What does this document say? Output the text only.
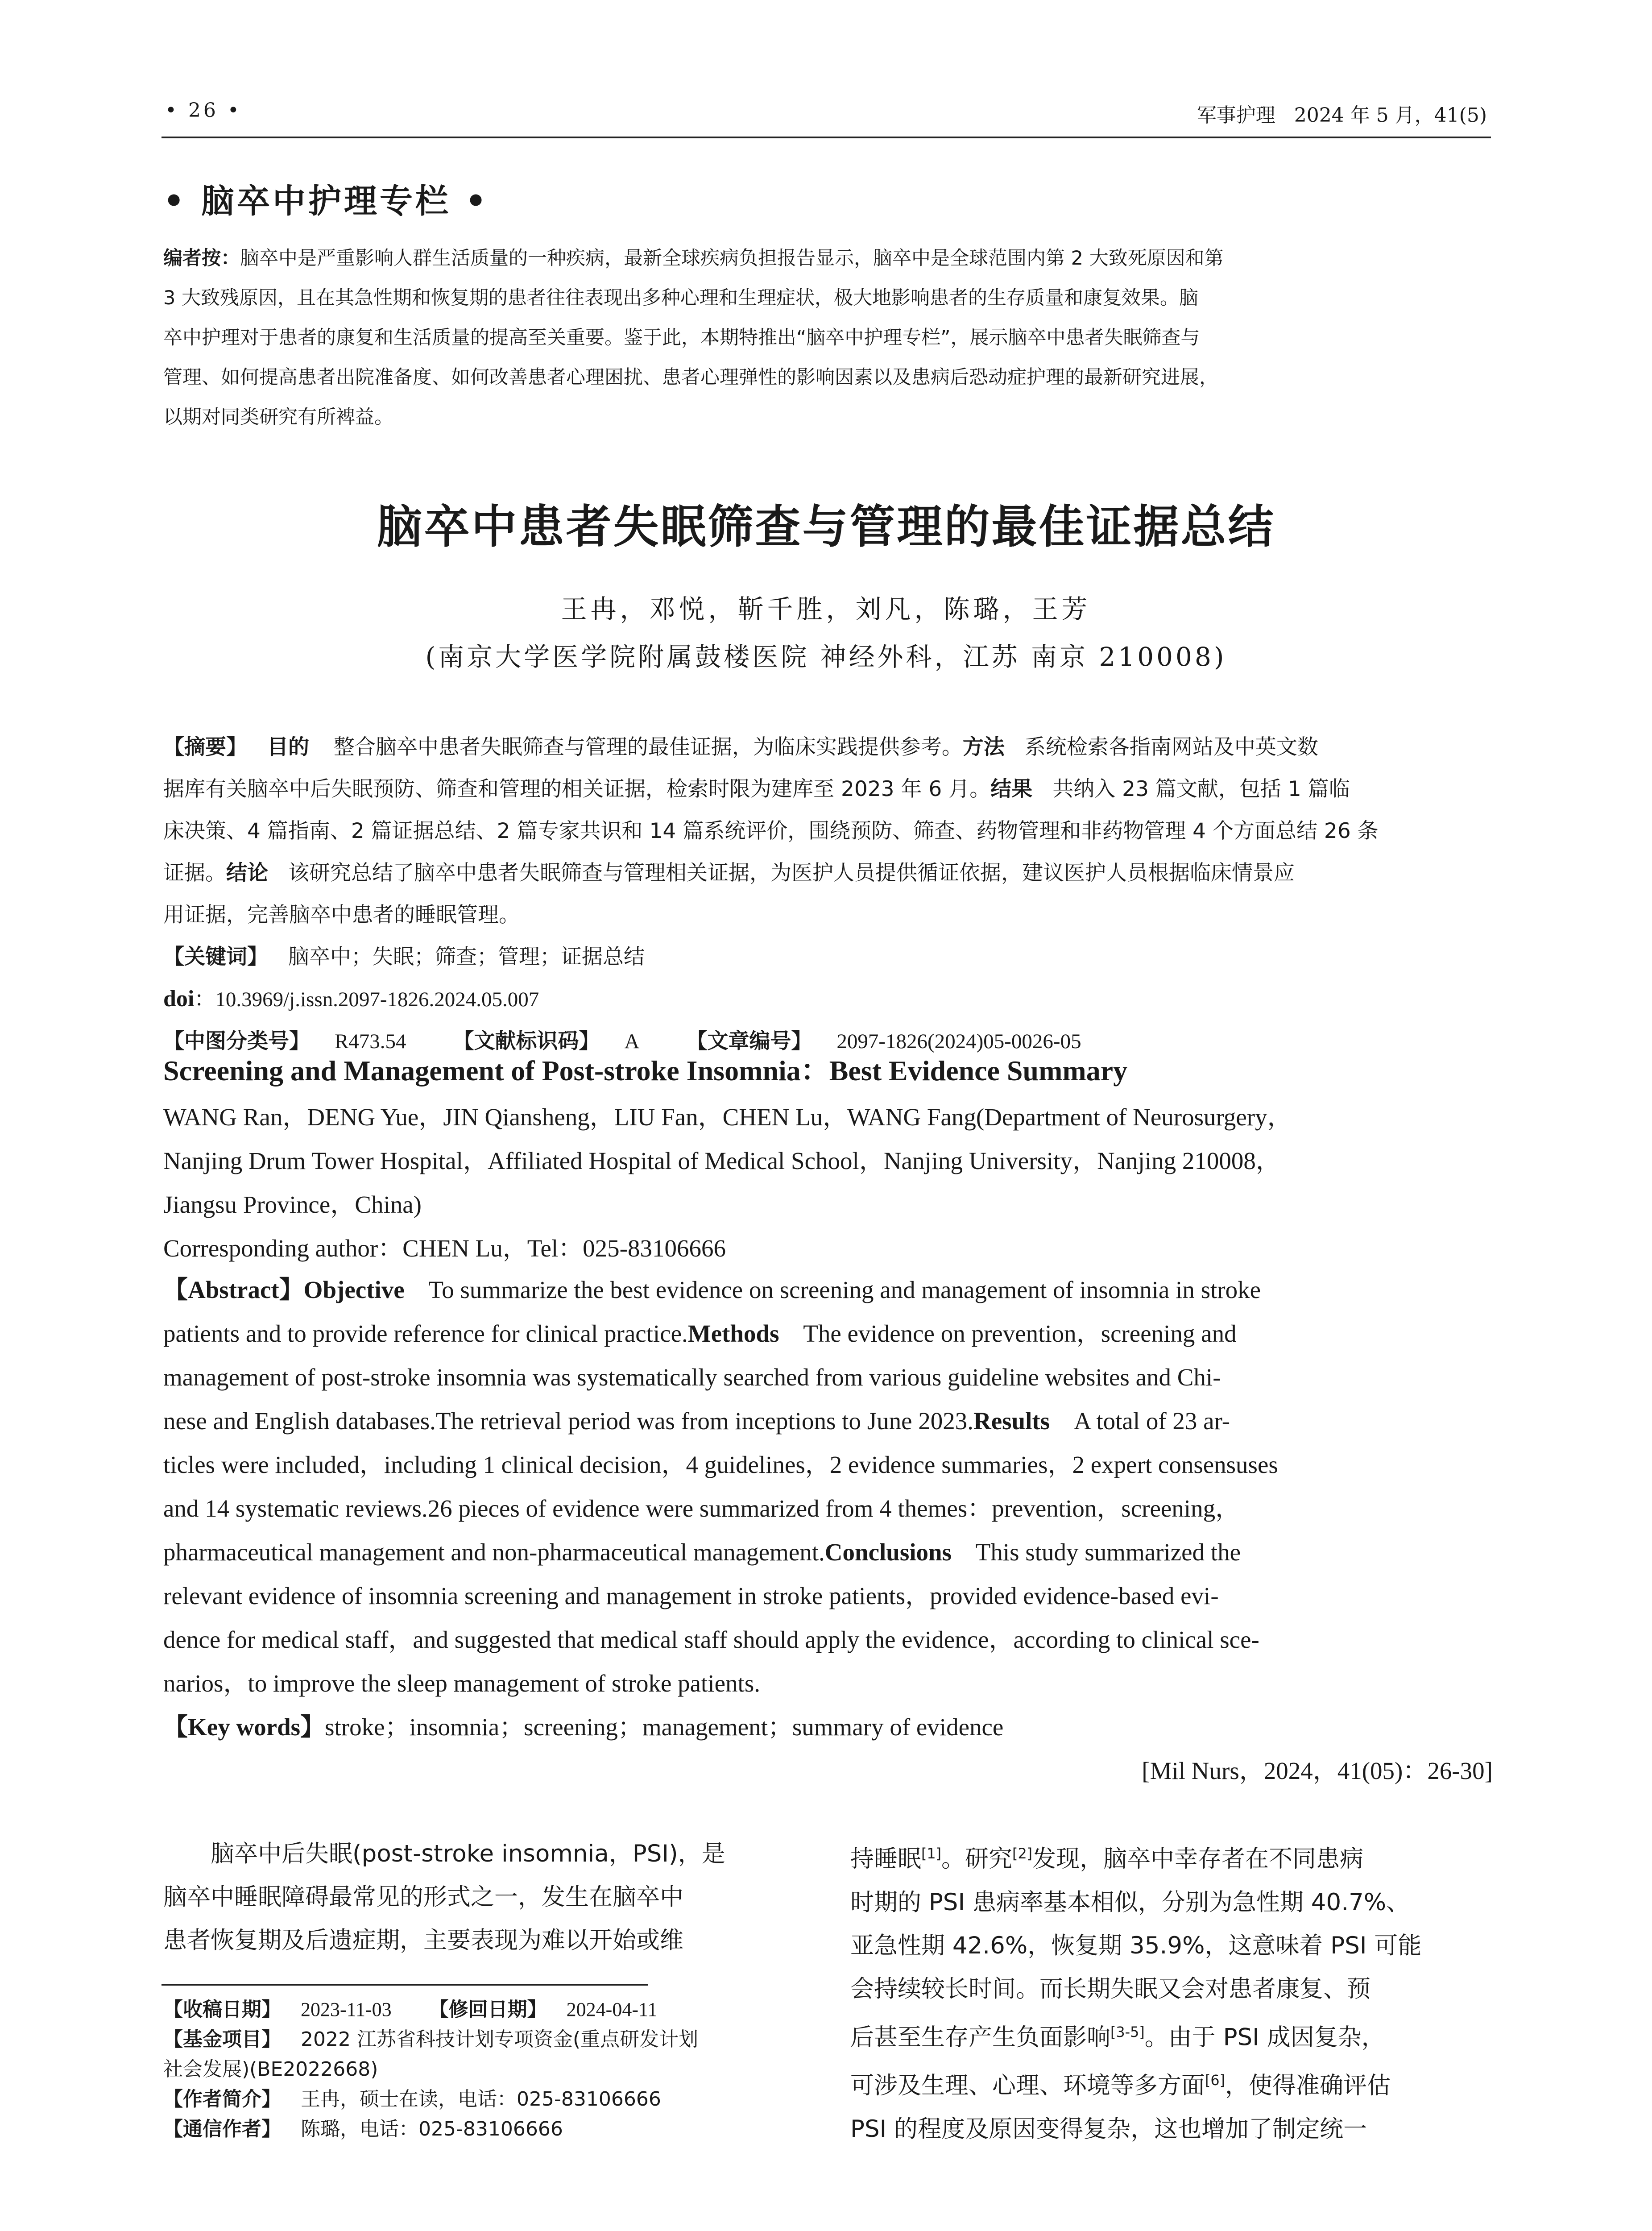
• 26 •	军事护理   2024 年 5 月，41(5)
• 脑卒中护理专栏 •
编者按：脑卒中是严重影响人群生活质量的一种疾病，最新全球疾病负担报告显示，脑卒中是全球范围内第 2 大致死原因和第
3 大致残原因，且在其急性期和恢复期的患者往往表现出多种心理和生理症状，极大地影响患者的生存质量和康复效果。脑
卒中护理对于患者的康复和生活质量的提高至关重要。鉴于此，本期特推出“脑卒中护理专栏”，展示脑卒中患者失眠筛查与
管理、如何提高患者出院准备度、如何改善患者心理困扰、患者心理弹性的影响因素以及患病后恐动症护理的最新研究进展，
以期对同类研究有所裨益。
脑卒中患者失眠筛查与管理的最佳证据总结
王冉，邓悦，靳千胜，刘凡，陈璐，王芳
(南京大学医学院附属鼓楼医院 神经外科，江苏 南京 210008)
【摘要】 目的 整合脑卒中患者失眠筛查与管理的最佳证据，为临床实践提供参考。方法 系统检索各指南网站及中英文数
据库有关脑卒中后失眠预防、筛查和管理的相关证据，检索时限为建库至 2023 年 6 月。结果 共纳入 23 篇文献，包括 1 篇临
床决策、4 篇指南、2 篇证据总结、2 篇专家共识和 14 篇系统评价，围绕预防、筛查、药物管理和非药物管理 4 个方面总结 26 条
证据。结论 该研究总结了脑卒中患者失眠筛查与管理相关证据，为医护人员提供循证依据，建议医护人员根据临床情景应
用证据，完善脑卒中患者的睡眠管理。
【关键词】 脑卒中；失眠；筛查；管理；证据总结
doi：10.3969/j.issn.2097-1826.2024.05.007
【中图分类号】 R473.54 【文献标识码】 A 【文章编号】 2097-1826(2024)05-0026-05
Screening and Management of Post-stroke Insomnia：Best Evidence Summary
WANG Ran，DENG Yue，JIN Qiansheng，LIU Fan，CHEN Lu，WANG Fang(Department of Neurosurgery，
Nanjing Drum Tower Hospital，Affiliated Hospital of Medical School，Nanjing University，Nanjing 210008，
Jiangsu Province，China)
Corresponding author：CHEN Lu，Tel：025-83106666
【Abstract】Objective To summarize the best evidence on screening and management of insomnia in stroke
patients and to provide reference for clinical practice.Methods The evidence on prevention，screening and
management of post-stroke insomnia was systematically searched from various guideline websites and Chi-
nese and English databases.The retrieval period was from inceptions to June 2023.Results A total of 23 ar-
ticles were included，including 1 clinical decision，4 guidelines，2 evidence summaries，2 expert consensuses
and 14 systematic reviews.26 pieces of evidence were summarized from 4 themes：prevention，screening，
pharmaceutical management and non-pharmaceutical management.Conclusions This study summarized the
relevant evidence of insomnia screening and management in stroke patients，provided evidence-based evi-
dence for medical staff，and suggested that medical staff should apply the evidence，according to clinical sce-
narios，to improve the sleep management of stroke patients.
【Key words】stroke；insomnia；screening；management；summary of evidence
[Mil Nurs，2024，41(05)：26-30]
脑卒中后失眠(post-stroke insomnia，PSI)，是
脑卒中睡眠障碍最常见的形式之一，发生在脑卒中
患者恢复期及后遗症期，主要表现为难以开始或维
【收稿日期】 2023-11-03 【修回日期】 2024-04-11
【基金项目】 2022 江苏省科技计划专项资金(重点研发计划
社会发展)(BE2022668)
【作者简介】 王冉，硕士在读，电话：025-83106666
【通信作者】 陈璐，电话：025-83106666
持睡眠[1]。研究[2]发现，脑卒中幸存者在不同患病
时期的 PSI 患病率基本相似，分别为急性期 40.7%、
亚急性期 42.6%，恢复期 35.9%，这意味着 PSI 可能
会持续较长时间。而长期失眠又会对患者康复、预
后甚至生存产生负面影响[3-5]。由于 PSI 成因复杂，
可涉及生理、心理、环境等多方面[6]，使得准确评估
PSI 的程度及原因变得复杂，这也增加了制定统一
